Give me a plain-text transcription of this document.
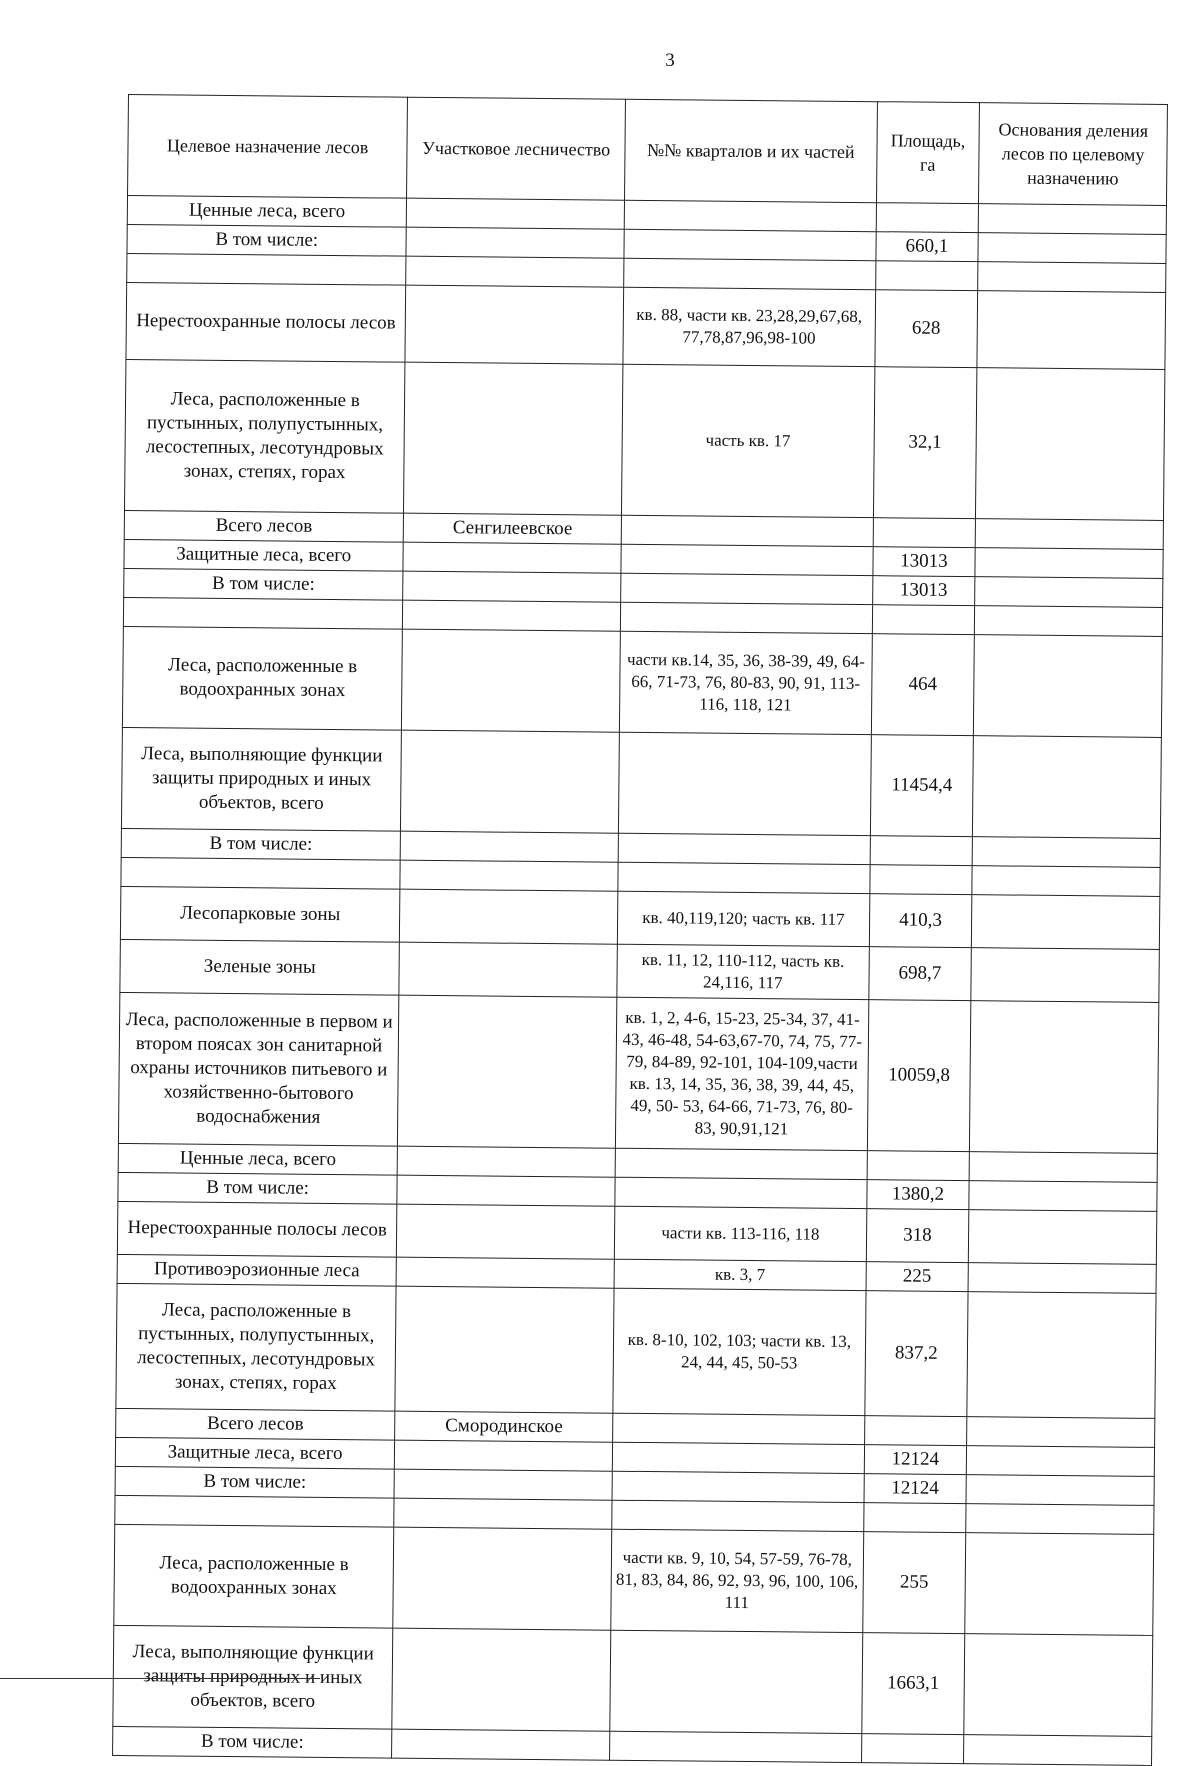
3
Целевое назначение лесов	Участковое лесничество	№№ кварталов и их частей	Площадь, га	Основания деления лесов по целевому назначению
Ценные леса, всего				
В том числе:			660,1	

Нерестоохранные полосы лесов		кв. 88, части кв. 23,28,29,67,68, 77,78,87,96,98-100	628	
Леса, расположенные в пустынных, полупустынных, лесостепных, лесотундровых зонах, степях, горах		часть кв. 17	32,1	
Всего лесов	Сенгилеевское			
Защитные леса, всего			13013	
В том числе:			13013	

Леса, расположенные в водоохранных зонах		части кв.14, 35, 36, 38-39, 49, 64-66, 71-73, 76, 80-83, 90, 91, 113-116, 118, 121	464	
Леса, выполняющие функции защиты природных и иных объектов, всего			11454,4	
В том числе:				

Лесопарковые зоны		кв. 40,119,120; часть кв. 117	410,3	
Зеленые зоны		кв. 11, 12, 110-112, часть кв. 24,116, 117	698,7	
Леса, расположенные в первом и втором поясах зон санитарной охраны источников питьевого и хозяйственно-бытового водоснабжения		кв. 1, 2, 4-6, 15-23, 25-34, 37, 41-43, 46-48, 54-63,67-70, 74, 75, 77-79, 84-89, 92-101, 104-109,части кв. 13, 14, 35, 36, 38, 39, 44, 45, 49, 50- 53, 64-66, 71-73, 76, 80-83, 90,91,121	10059,8	
Ценные леса, всего				
В том числе:			1380,2	
Нерестоохранные полосы лесов		части кв. 113-116, 118	318	
Противоэрозионные леса		кв. 3, 7	225	
Леса, расположенные в пустынных, полупустынных, лесостепных, лесотундровых зонах, степях, горах		кв. 8-10, 102, 103; части кв. 13, 24, 44, 45, 50-53	837,2	
Всего лесов	Смородинское			
Защитные леса, всего			12124	
В том числе:			12124	

Леса, расположенные в водоохранных зонах		части кв. 9, 10, 54, 57-59, 76-78, 81, 83, 84, 86, 92, 93, 96, 100, 106, 111	255	
Леса, выполняющие функции защиты природных и иных объектов, всего			1663,1	
В том числе:				
